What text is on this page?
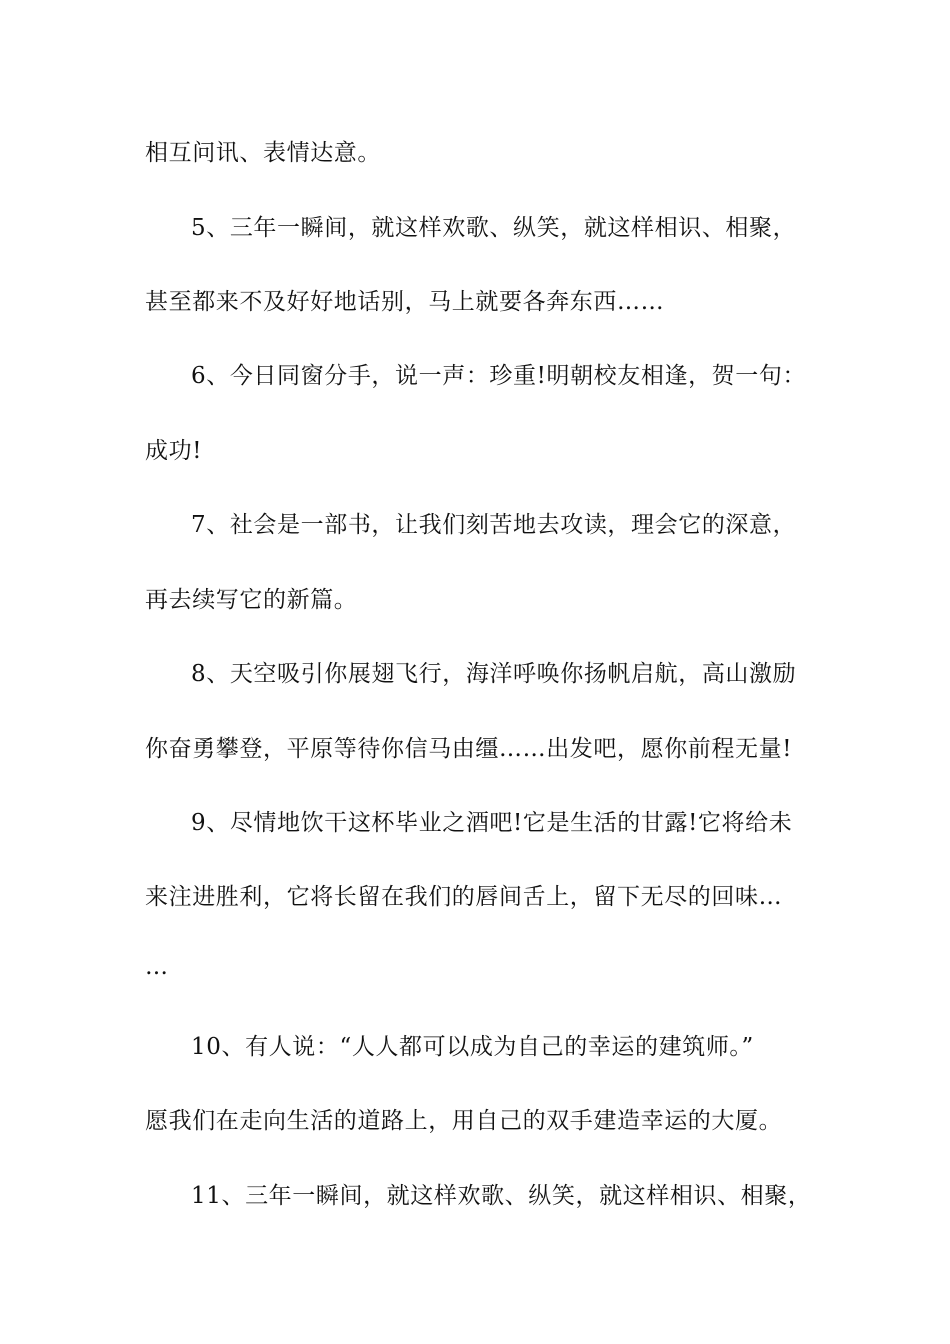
相互问讯、表情达意。
5、三年一瞬间，就这样欢歌、纵笑，就这样相识、相聚，
甚至都来不及好好地话别，马上就要各奔东西……
6、今日同窗分手，说一声：珍重!明朝校友相逢，贺一句：
成功!
7、社会是一部书，让我们刻苦地去攻读，理会它的深意，
再去续写它的新篇。
8、天空吸引你展翅飞行，海洋呼唤你扬帆启航，高山激励
你奋勇攀登，平原等待你信马由缰……出发吧，愿你前程无量!
9、尽情地饮干这杯毕业之酒吧!它是生活的甘露!它将给未
来注进胜利，它将长留在我们的唇间舌上，留下无尽的回味…
…
10、有人说：“人人都可以成为自己的幸运的建筑师。”
愿我们在走向生活的道路上，用自己的双手建造幸运的大厦。
11、三年一瞬间，就这样欢歌、纵笑，就这样相识、相聚，
